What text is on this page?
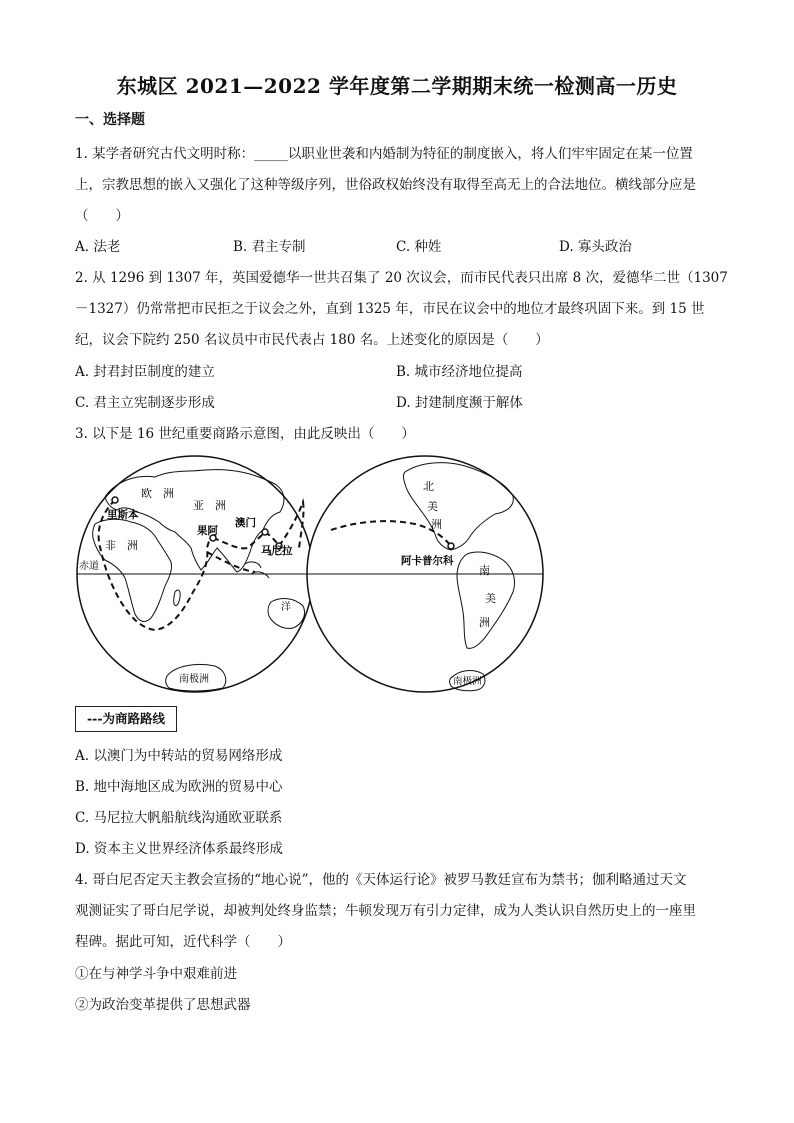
东城区 2021—2022 学年度第二学期期末统一检测高一历史
一、选择题
1. 某学者研究古代文明时称：_____以职业世袭和内婚制为特征的制度嵌入，将人们牢牢固定在某一位置
上，宗教思想的嵌入又强化了这种等级序列，世俗政权始终没有取得至高无上的合法地位。横线部分应是
（　　）
A. 法老	B. 君主专制	C. 种姓	D. 寡头政治
2. 从 1296 到 1307 年，英国爱德华一世共召集了 20 次议会，而市民代表只出席 8 次，爱德华二世（1307
－1327）仍常常把市民拒之于议会之外，直到 1325 年，市民在议会中的地位才最终巩固下来。到 15 世
纪，议会下院约 250 名议员中市民代表占 180 名。上述变化的原因是（　　）
A. 封君封臣制度的建立	B. 城市经济地位提高
C. 君主立宪制逐步形成	D. 封建制度濒于解体
3. 以下是 16 世纪重要商路示意图，由此反映出（　　）
欧　洲
亚　洲
非　洲
里斯本
果阿
澳门
马尼拉
赤道
洋
南极洲
北
美
洲
阿卡普尔科
南
美
洲
南极洲
---为商路路线
A. 以澳门为中转站的贸易网络形成
B. 地中海地区成为欧洲的贸易中心
C. 马尼拉大帆船航线沟通欧亚联系
D. 资本主义世界经济体系最终形成
4. 哥白尼否定天主教会宣扬的“地心说”，他的《天体运行论》被罗马教廷宣布为禁书；伽利略通过天文
观测证实了哥白尼学说，却被判处终身监禁；牛顿发现万有引力定律，成为人类认识自然历史上的一座里
程碑。据此可知，近代科学（　　）
①在与神学斗争中艰难前进
②为政治变革提供了思想武器
